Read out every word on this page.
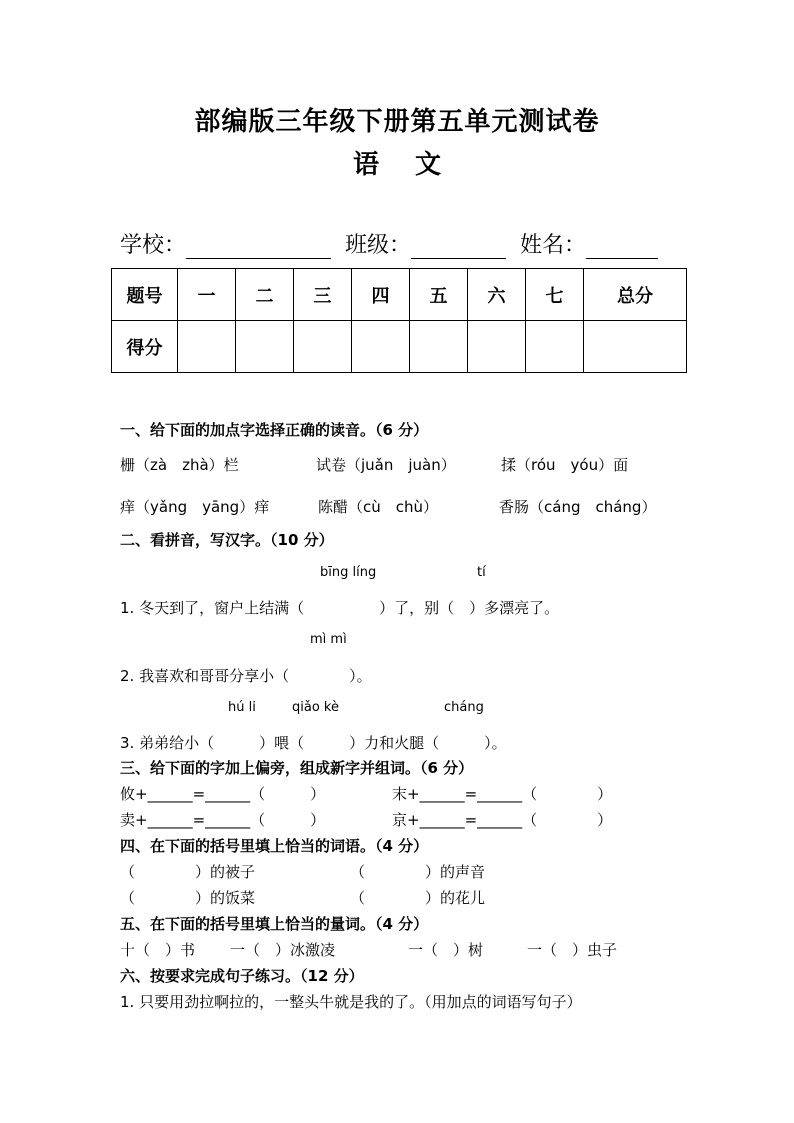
部编版三年级下册第五单元测试卷
语 文
学校：	班级：	姓名：
题号	一	二	三	四	五	六	七	总分
得分								
一、给下面的加点字选择正确的读音。（6 分）
栅（zà　zhà）栏	试卷（juǎn　juàn）	揉（róu　yóu）面
痒（yǎng　yāng）痒	陈醋（cù　chù）	香肠（cáng　cháng）
二、看拼音，写汉字。（10 分）
bīng líng	tí
1. 冬天到了，窗户上结满（　　　　　）了，别（　）多漂亮了。
mì mì
2. 我喜欢和哥哥分享小（　　　　）。
hú li	qiǎo kè	cháng
3. 弟弟给小（　　　）喂（　　　）力和火腿（　　　）。
三、给下面的字加上偏旁，组成新字并组词。（6 分）
攸+______=______（　　　）	末+______=______（　　　　）
卖+______=______（　　　）	京+______=______（　　　　）
四、在下面的括号里填上恰当的词语。（4 分）
（　　　　）的被子	（　　　　）的声音
（　　　　）的饭菜	（　　　　）的花儿
五、在下面的括号里填上恰当的量词。（4 分）
十（　）书 一（　）冰激凌	一（　）树	一（　）虫子
六、按要求完成句子练习。（12 分）
1. 只要用劲拉啊拉的，一整头牛就是我的了。（用加点的词语写句子）
